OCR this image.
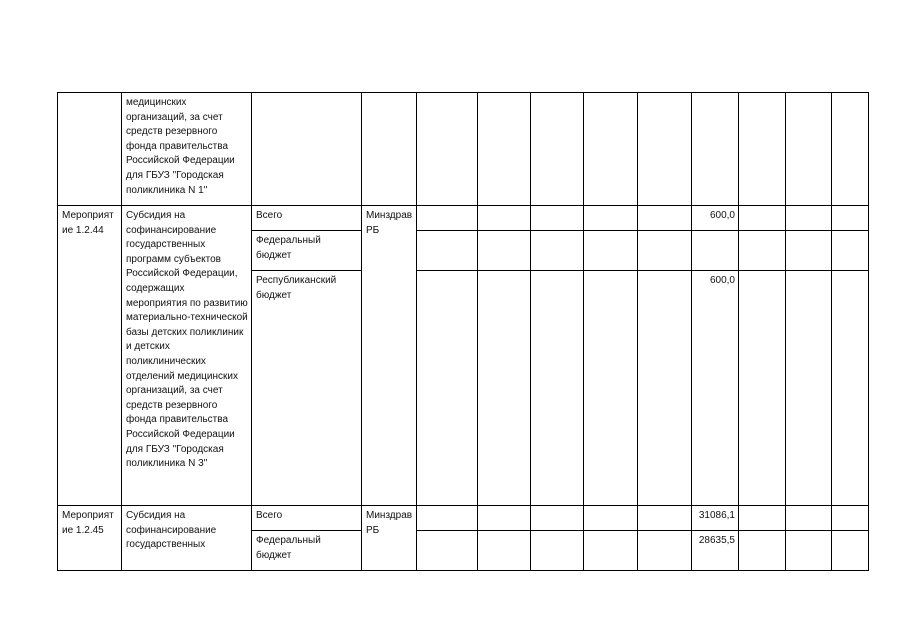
	медицинских организаций, за счет средств резервного фонда правительства Российской Федерации для ГБУЗ "Городская поликлиника N 1"											
Мероприятие 1.2.44	Субсидия на софинансирование государственных программ субъектов Российской Федерации, содержащих мероприятия по развитию материально-технической базы детских поликлиник и детских поликлинических отделений медицинских организаций, за счет средств резервного фонда правительства Российской Федерации для ГБУЗ "Городская поликлиника N 3"	Всего	Минздрав РБ						600,0			
		Федеральный бюджет										
		Республиканский бюджет							600,0			
Мероприятие 1.2.45	Субсидия на софинансирование государственных	Всего	Минздрав РБ						31086,1			
		Федеральный бюджет							28635,5			
